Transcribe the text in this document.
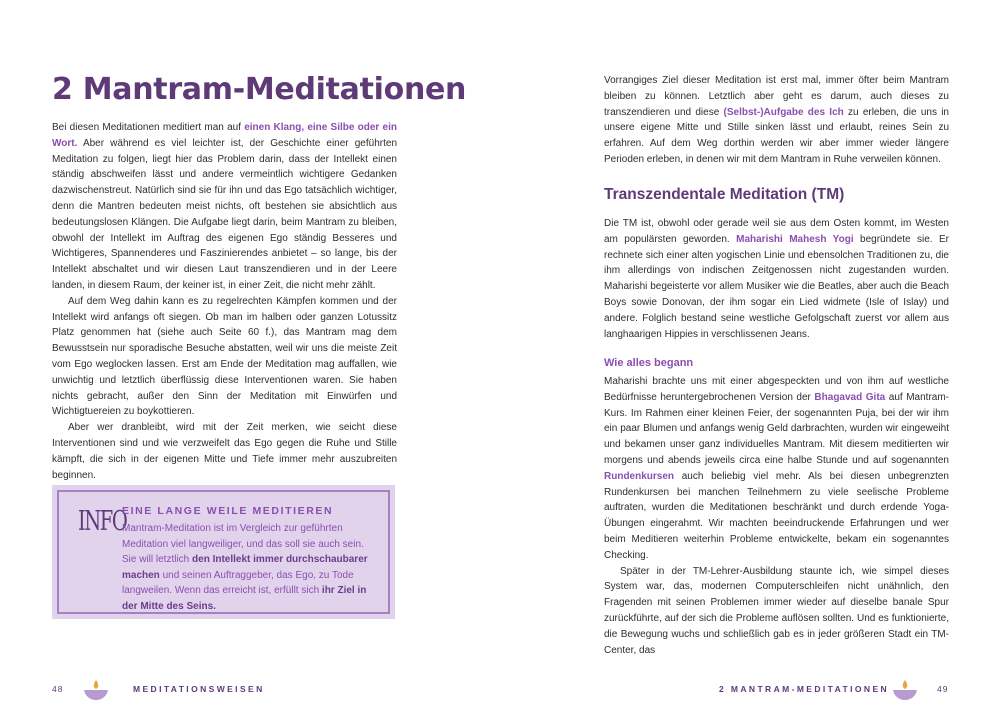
2 Mantram-Meditationen

Bei diesen Meditationen meditiert man auf einen Klang, eine Silbe oder ein Wort. Aber während es viel leichter ist, der Geschichte einer geführten Meditation zu folgen, liegt hier das Problem darin, dass der Intellekt einen ständig abschweifen lässt und andere vermeintlich wichtigere Gedanken dazwischenstreut. Natürlich sind sie für ihn und das Ego tatsächlich wichtiger, denn die Mantren bedeuten meist nichts, oft bestehen sie absichtlich aus bedeutungslosen Klängen. Die Aufgabe liegt darin, beim Mantram zu bleiben, obwohl der Intellekt im Auftrag des eigenen Ego ständig Besseres und Wichtigeres, Spannenderes und Faszinierendes anbietet – so lange, bis der Intellekt abschaltet und wir diesen Laut transzendieren und in der Leere landen, in diesem Raum, der keiner ist, in einer Zeit, die nicht mehr zählt.

Auf dem Weg dahin kann es zu regelrechten Kämpfen kommen und der Intellekt wird anfangs oft siegen. Ob man im halben oder ganzen Lotussitz Platz genommen hat (siehe auch Seite 60 f.), das Mantram mag dem Bewusstsein nur sporadische Besuche abstatten, weil wir uns die meiste Zeit vom Ego weglocken lassen. Erst am Ende der Meditation mag auffallen, wie unwichtig und letztlich überflüssig diese Interventionen waren. Sie haben nichts gebracht, außer den Sinn der Meditation mit Einwürfen und Wichtigtuereien zu boykottieren.

Aber wer dranbleibt, wird mit der Zeit merken, wie seicht diese Interventionen sind und wie verzweifelt das Ego gegen die Ruhe und Stille kämpft, die sich in der eigenen Mitte und Tiefe immer mehr auszubreiten beginnen.

INFO
EINE LANGE WEILE MEDITIEREN
Mantram-Meditation ist im Vergleich zur geführten Meditation viel langweiliger, und das soll sie auch sein. Sie will letztlich den Intellekt immer durchschaubarer machen und seinen Auftraggeber, das Ego, zu Tode langweilen. Wenn das erreicht ist, erfüllt sich ihr Ziel in der Mitte des Seins.
48	MEDITATIONSWEISEN

Vorrangiges Ziel dieser Meditation ist erst mal, immer öfter beim Mantram bleiben zu können. Letztlich aber geht es darum, auch dieses zu transzendieren und diese (Selbst-)Aufgabe des Ich zu erleben, die uns in unsere eigene Mitte und Stille sinken lässt und erlaubt, reines Sein zu erfahren. Auf dem Weg dorthin werden wir aber immer wieder längere Perioden erleben, in denen wir mit dem Mantram in Ruhe verweilen können.

Transzendentale Meditation (TM)

Die TM ist, obwohl oder gerade weil sie aus dem Osten kommt, im Westen am populärsten geworden. Maharishi Mahesh Yogi begründete sie. Er rechnete sich einer alten yogischen Linie und ebensolchen Traditionen zu, die ihm allerdings von indischen Zeitgenossen nicht zugestanden wurden. Maharishi begeisterte vor allem Musiker wie die Beatles, aber auch die Beach Boys sowie Donovan, der ihm sogar ein Lied widmete (Isle of Islay) und andere. Folglich bestand seine westliche Gefolgschaft zuerst vor allem aus langhaarigen Hippies in verschlissenen Jeans.

Wie alles begann

Maharishi brachte uns mit einer abgespeckten und von ihm auf westliche Bedürfnisse heruntergebrochenen Version der Bhagavad Gita auf Mantram-Kurs. Im Rahmen einer kleinen Feier, der sogenannten Puja, bei der wir ihm ein paar Blumen und anfangs wenig Geld darbrachten, wurden wir eingeweiht und bekamen unser ganz individuelles Mantram. Mit diesem meditierten wir morgens und abends jeweils circa eine halbe Stunde und auf sogenannten Rundenkursen auch beliebig viel mehr. Als bei diesen unbegrenzten Rundenkursen bei manchen Teilnehmern zu viele seelische Probleme auftraten, wurden die Meditationen beschränkt und durch erdende Yoga-Übungen eingerahmt. Wir machten beeindruckende Erfahrungen und wer beim Meditieren weiterhin Probleme entwickelte, bekam ein sogenanntes Checking.

Später in der TM-Lehrer-Ausbildung staunte ich, wie simpel dieses System war, das, modernen Computerschleifen nicht unähnlich, den Fragenden mit seinen Problemen immer wieder auf dieselbe banale Spur zurückführte, auf der sich die Probleme auflösen sollten. Und es funktionierte, die Bewegung wuchs und schließlich gab es in jeder größeren Stadt ein TM-Center, das

2 MANTRAM-MEDITATIONEN	49
